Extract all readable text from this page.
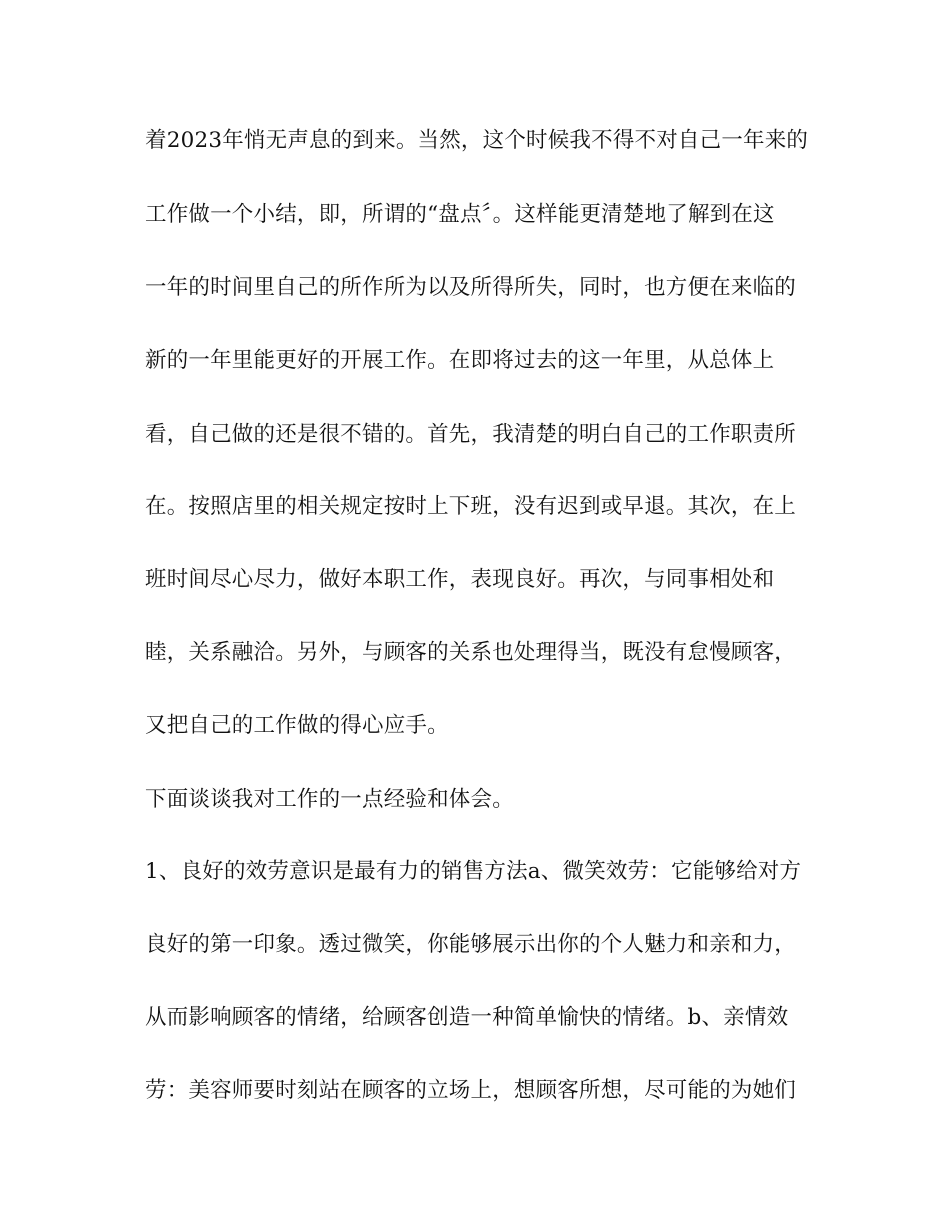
着2023年悄无声息的到来。当然，这个时候我不得不对自己一年来的
工作做一个小结，即，所谓的“盘点〞。这样能更清楚地了解到在这
一年的时间里自己的所作所为以及所得所失，同时，也方便在来临的
新的一年里能更好的开展工作。在即将过去的这一年里，从总体上
看，自己做的还是很不错的。首先，我清楚的明白自己的工作职责所
在。按照店里的相关规定按时上下班，没有迟到或早退。其次，在上
班时间尽心尽力，做好本职工作，表现良好。再次，与同事相处和
睦，关系融洽。另外，与顾客的关系也处理得当，既没有怠慢顾客，
又把自己的工作做的得心应手。
下面谈谈我对工作的一点经验和体会。
1、良好的效劳意识是最有力的销售方法a、微笑效劳：它能够给对方
良好的第一印象。透过微笑，你能够展示出你的个人魅力和亲和力，
从而影响顾客的情绪，给顾客创造一种简单愉快的情绪。b、亲情效
劳：美容师要时刻站在顾客的立场上，想顾客所想，尽可能的为她们
